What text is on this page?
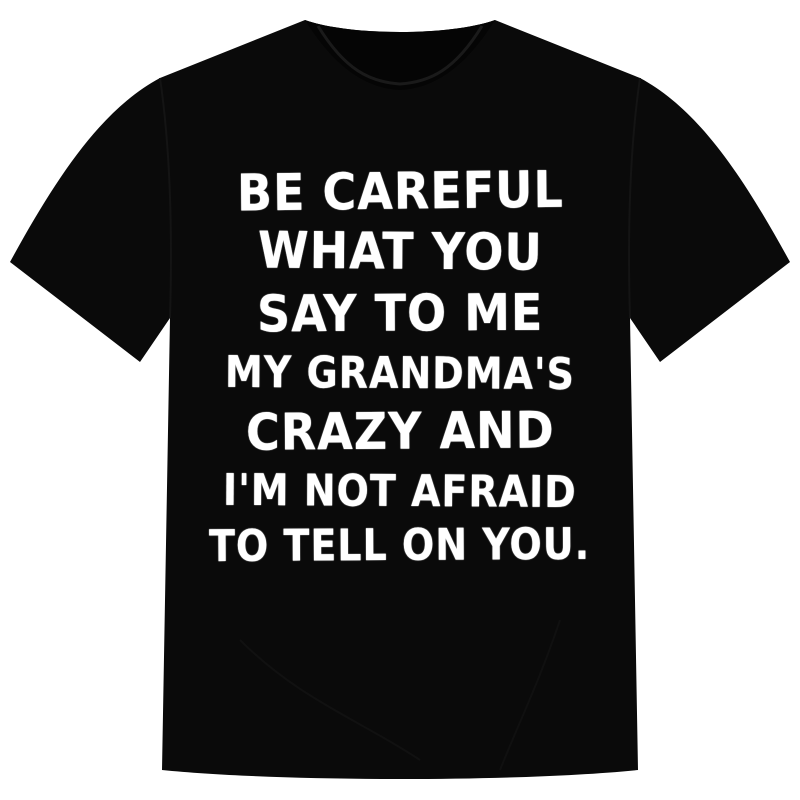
BE CAREFUL
WHAT YOU
SAY TO ME
MY GRANDMA'S
CRAZY AND
I'M NOT AFRAID
TO TELL ON YOU.
